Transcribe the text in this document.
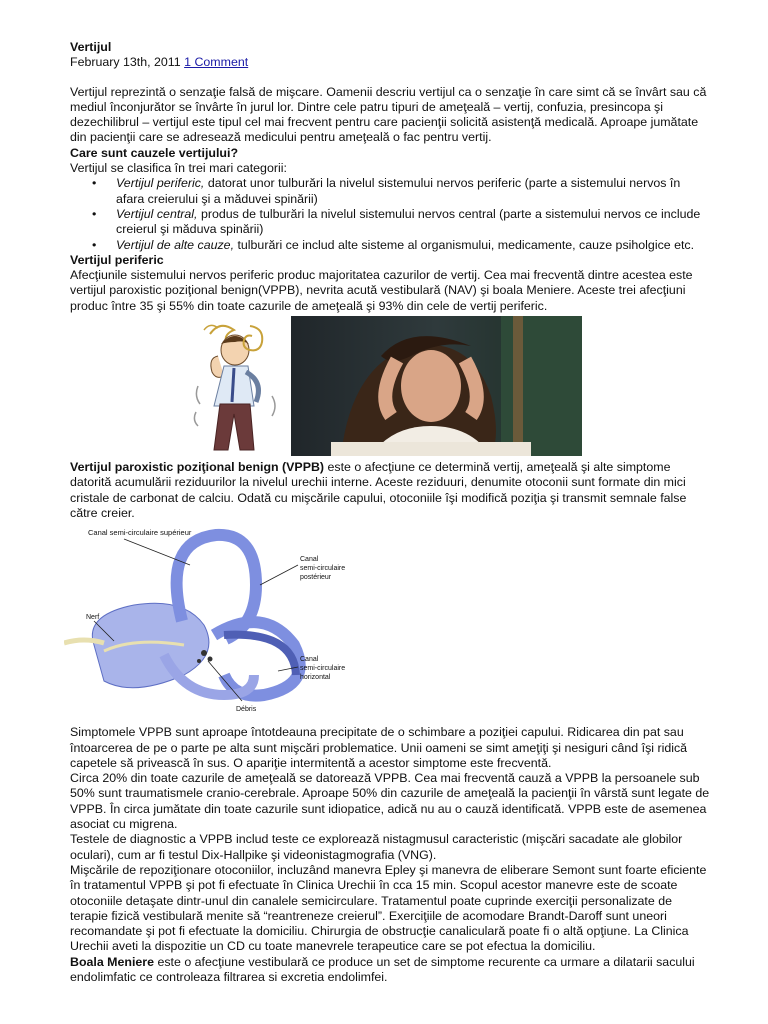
Vertijul
February 13th, 2011 1 Comment

Vertijul reprezintă o senzaţie falsă de mişcare. Oamenii descriu vertijul ca o senzaţie în care simt că se învârt sau că mediul înconjurător se învârte în jurul lor. Dintre cele patru tipuri de ameţeală – vertij, confuzia, presincopa şi dezechilibrul – vertijul este tipul cel mai frecvent pentru care pacienţii solicită asistenţă medicală. Aproape jumătate din pacienţii care se adresează medicului pentru ameţeală o fac pentru vertij.

Care sunt cauzele vertijului?

Vertijul se clasifica în trei mari categorii:

• Vertijul periferic, datorat unor tulburări la nivelul sistemului nervos periferic (parte a sistemului nervos în afara creierului şi a măduvei spinării)
• Vertijul central, produs de tulburări la nivelul sistemului nervos central (parte a sistemului nervos ce include creierul şi măduva spinării)
• Vertijul de alte cauze, tulburări ce includ alte sisteme al organismului, medicamente, cauze psiholgice etc.
Vertijul periferic

Afecţiunile sistemului nervos periferic produc majoritatea cazurilor de vertij. Cea mai frecventă dintre acestea este vertijul paroxistic poziţional benign(VPPB), nevrita acută vestibulară (NAV) şi boala Meniere. Aceste trei afecţiuni produc între 35 şi 55% din toate cazurile de ameţeală şi 93% din cele de vertij periferic.

Vertijul paroxistic poziţional benign (VPPB) este o afecţiune ce determină vertij, ameţeală şi alte simptome datorită acumulării reziduurilor la nivelul urechii interne. Aceste reziduuri, denumite otoconii sunt formate din mici cristale de carbonat de calciu. Odată cu mişcările capului, otoconiile îşi modifică poziţia şi transmit semnale false către creier.

Canal semi-circulaire supérieur
Canal
semi-circulaire
postérieur
Nerf
Canal
semi-circulaire
horizontal
Débris

Simptomele VPPB sunt aproape întotdeauna precipitate de o schimbare a poziţiei capului. Ridicarea din pat sau întoarcerea de pe o parte pe alta sunt mişcări problematice. Unii oameni se simt ameţiţi şi nesiguri când îşi ridică capetele să privească în sus. O apariţie intermitentă a acestor simptome este frecventă.

Circa 20% din toate cazurile de ameţeală se datorează VPPB. Cea mai frecventă cauză a VPPB la persoanele sub 50% sunt traumatismele cranio-cerebrale. Aproape 50% din cazurile de ameţeală la pacienţii în vârstă sunt legate de VPPB. În circa jumătate din toate cazurile sunt idiopatice, adică nu au o cauză identificată. VPPB este de asemenea asociat cu migrena.

Testele de diagnostic a VPPB includ teste ce explorează nistagmusul caracteristic (mişcări sacadate ale globilor oculari), cum ar fi testul Dix-Hallpike şi videonistagmografia (VNG).

Mişcările de repoziţionare otoconiilor, incluzând manevra Epley şi manevra de eliberare Semont sunt foarte eficiente în tratamentul VPPB şi pot fi efectuate în Clinica Urechii în cca 15 min. Scopul acestor manevre este de scoate otoconiile detaşate dintr-unul din canalele semicirculare. Tratamentul poate cuprinde exerciţii personalizate de terapie fizică vestibulară menite să “reantreneze creierul”. Exerciţiile de acomodare Brandt-Daroff sunt uneori recomandate şi pot fi efectuate la domiciliu. Chirurgia de obstrucţie canaliculară poate fi o altă opţiune. La Clinica Urechii aveti la dispozitie un CD cu toate manevrele terapeutice care se pot efectua la domiciliu.

Boala Meniere este o afecţiune vestibulară ce produce un set de simptome recurente ca urmare a dilatarii sacului endolimfatic ce controleaza filtrarea si excretia endolimfei.
